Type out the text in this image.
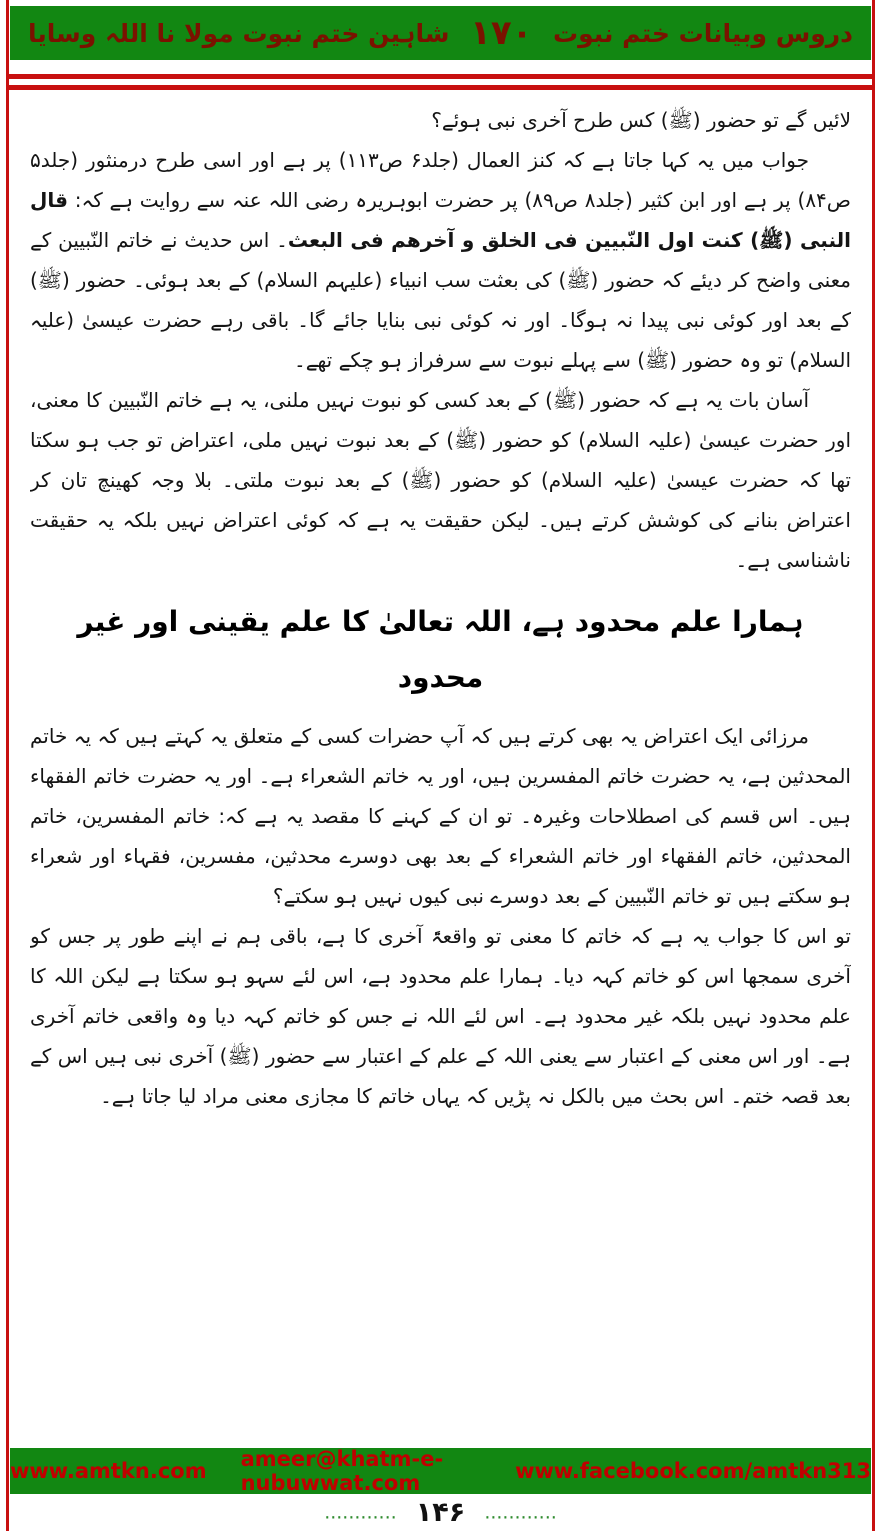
دروس وبیانات ختم نبوت
۱۷۰
شاہین ختم نبوت مولا نا اللہ وسایا

لائیں گے تو حضور (ﷺ) کس طرح آخری نبی ہوئے؟

جواب میں یہ کہا جاتا ہے کہ کنز العمال (جلد۶ ص۱۱۳) پر ہے اور اسی طرح درمنثور (جلد۵ ص۸۴) پر ہے اور ابن کثیر (جلد۸ ص۸۹) پر حضرت ابوہریرہ رضی اللہ عنہ سے روایت ہے کہ: قال النبی (ﷺ) کنت اول النّبیین فی الخلق و آخرهم فی البعث۔ اس حدیث نے خاتم النّبیین کے معنی واضح کر دیئے کہ حضور (ﷺ) کی بعثت سب انبیاء (علیہم السلام) کے بعد ہوئی۔ حضور (ﷺ) کے بعد اور کوئی نبی پیدا نہ ہوگا۔ اور نہ کوئی نبی بنایا جائے گا۔ باقی رہے حضرت عیسیٰ (علیہ السلام) تو وہ حضور (ﷺ) سے پہلے نبوت سے سرفراز ہو چکے تھے۔

آسان بات یہ ہے کہ حضور (ﷺ) کے بعد کسی کو نبوت نہیں ملنی، یہ ہے خاتم النّبیین کا معنی، اور حضرت عیسیٰ (علیہ السلام) کو حضور (ﷺ) کے بعد نبوت نہیں ملی، اعتراض تو جب ہو سکتا تھا کہ حضرت عیسیٰ (علیہ السلام) کو حضور (ﷺ) کے بعد نبوت ملتی۔ بلا وجہ کھینچ تان کر اعتراض بنانے کی کوشش کرتے ہیں۔ لیکن حقیقت یہ ہے کہ کوئی اعتراض نہیں بلکہ یہ حقیقت ناشناسی ہے۔

ہمارا علم محدود ہے، اللہ تعالیٰ کا علم یقینی اور غیر محدود

مرزائی ایک اعتراض یہ بھی کرتے ہیں کہ آپ حضرات کسی کے متعلق یہ کہتے ہیں کہ یہ خاتم المحدثین ہے، یہ حضرت خاتم المفسرین ہیں، اور یہ خاتم الشعراء ہے۔ اور یہ حضرت خاتم الفقهاء ہیں۔ اس قسم کی اصطلاحات وغیرہ۔ تو ان کے کہنے کا مقصد یہ ہے کہ: خاتم المفسرین، خاتم المحدثین، خاتم الفقهاء اور خاتم الشعراء کے بعد بھی دوسرے محدثین، مفسرین، فقہاء اور شعراء ہو سکتے ہیں تو خاتم النّبیین کے بعد دوسرے نبی کیوں نہیں ہو سکتے؟

تو اس کا جواب یہ ہے کہ خاتم کا معنی تو واقعۃً آخری کا ہے، باقی ہم نے اپنے طور پر جس کو آخری سمجھا اس کو خاتم کہہ دیا۔ ہمارا علم محدود ہے، اس لئے سہو ہو سکتا ہے لیکن اللہ کا علم محدود نہیں بلکہ غیر محدود ہے۔ اس لئے اللہ نے جس کو خاتم کہہ دیا وہ واقعی خاتم آخری ہے۔ اور اس معنی کے اعتبار سے یعنی اللہ کے علم کے اعتبار سے حضور (ﷺ) آخری نبی ہیں اس کے بعد قصہ ختم۔ اس بحث میں بالکل نہ پڑیں کہ یہاں خاتم کا مجازی معنی مراد لیا جاتا ہے۔

www.amtkn.com ameer@khatm-e-nubuwwat.com	www.facebook.com/amtkn313
............ ۱۴۶ ............
